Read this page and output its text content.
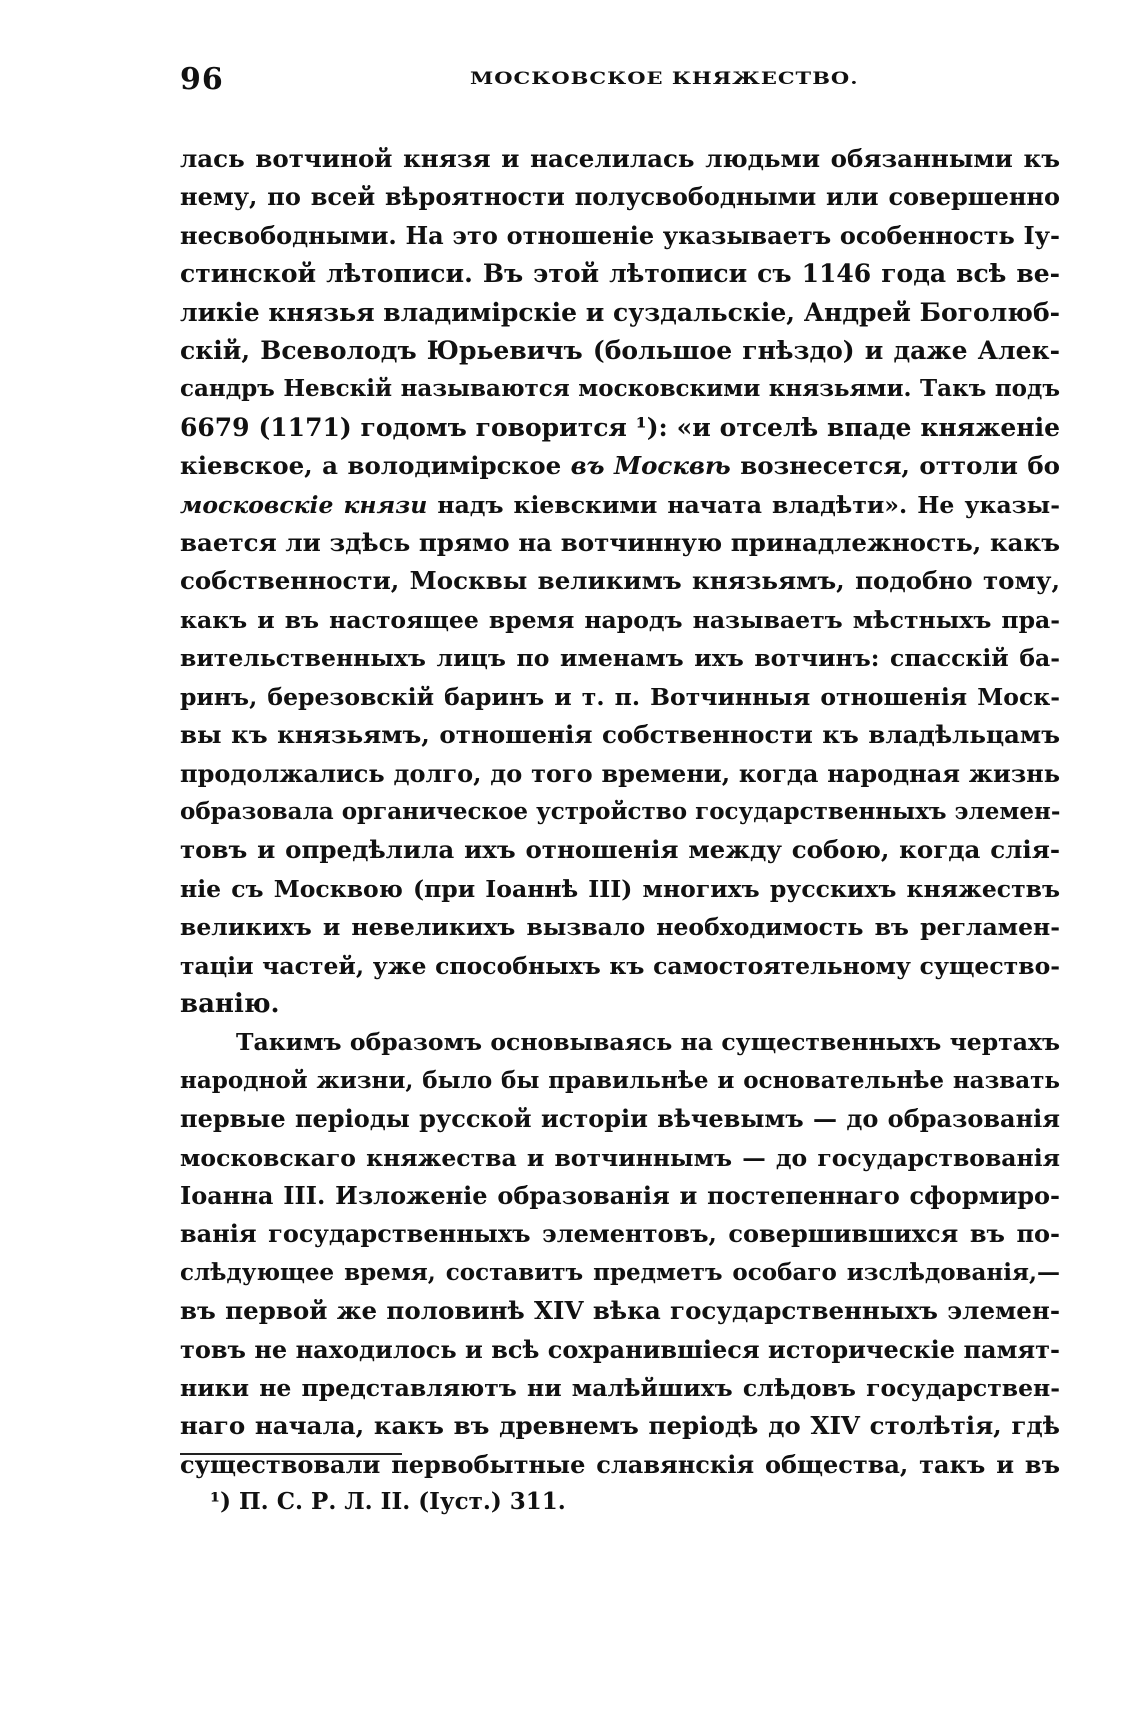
96	МОСКОВСКОЕ КНЯЖЕСТВО.

лась вотчиной князя и населилась людьми обязанными къ

нему, по всей вѣроятности полусвободными или совершенно

несвободными. На это отношеніе указываетъ особенность Іу-

стинской лѣтописи. Въ этой лѣтописи съ 1146 года всѣ ве-

ликіе князья владимірскіе и суздальскіе, Андрей Боголюб-

скій, Всеволодъ Юрьевичъ (большое гнѣздо) и даже Алек-

сандръ Невскій называются московскими князьями. Такъ подъ

6679 (1171) годомъ говорится ¹): «и отселѣ впаде княженіе

кіевское, а володимірское въ Москвѣ вознесется, оттоли бо

московскіе князи надъ кіевскими начата владѣти». Не указы-

вается ли здѣсь прямо на вотчинную принадлежность, какъ

собственности, Москвы великимъ князьямъ, подобно тому,

какъ и въ настоящее время народъ называетъ мѣстныхъ пра-

вительственныхъ лицъ по именамъ ихъ вотчинъ: спасскій ба-

ринъ, березовскій баринъ и т. п. Вотчинныя отношенія Моск-

вы къ князьямъ, отношенія собственности къ владѣльцамъ

продолжались долго, до того времени, когда народная жизнь

образовала органическое устройство государственныхъ элемен-

товъ и опредѣлила ихъ отношенія между собою, когда слія-

ніе съ Москвою (при Іоаннѣ III) многихъ русскихъ княжествъ

великихъ и невеликихъ вызвало необходимость въ регламен-

таціи частей, уже способныхъ къ самостоятельному существо-

ванію.

Такимъ образомъ основываясь на существенныхъ чертахъ

народной жизни, было бы правильнѣе и основательнѣе назвать

первые періоды русской исторіи вѣчевымъ — до образованія

московскаго княжества и вотчиннымъ — до государствованія

Іоанна III. Изложеніе образованія и постепеннаго сформиро-

ванія государственныхъ элементовъ, совершившихся въ по-

слѣдующее время, составитъ предметъ особаго изслѣдованія,—

въ первой же половинѣ XIV вѣка государственныхъ элемен-

товъ не находилось и всѣ сохранившіеся историческіе памят-

ники не представляютъ ни малѣйшихъ слѣдовъ государствен-

наго начала, какъ въ древнемъ періодѣ до XIV столѣтія, гдѣ

существовали первобытные славянскія общества, такъ и въ

¹) П. С. Р. Л. II. (Іуст.) 311.
